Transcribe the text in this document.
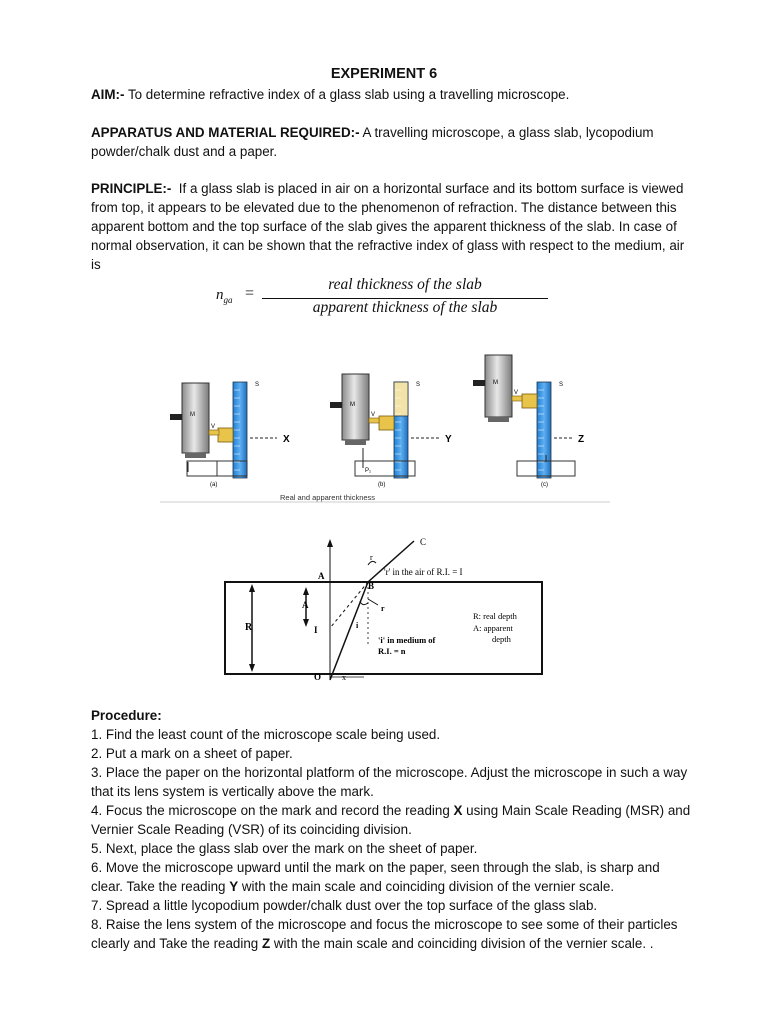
EXPERIMENT 6
AIM:- To determine refractive index of a glass slab using a travelling microscope.
APPARATUS AND MATERIAL REQUIRED:- A travelling microscope, a glass slab, lycopodium powder/chalk dust and a paper.
PRINCIPLE:-  If a glass slab is placed in air on a horizontal surface and its bottom surface is viewed from top, it appears to be elevated due to the phenomenon of refraction. The distance between this apparent bottom and the top surface of the slab gives the apparent thickness of the slab. In case of normal observation, it can be shown that the refractive index of glass with respect to the medium, air is
$n_{ga}$ =
real thickness of the slab
apparent thickness of the slab
M
S
V
X
(a)
M
S
V
Y
P₁
(b)
M	S
V
Z
(c)
Real and apparent thickness
C
r
'r' in the air of R.I. = I
A
B
r
i
I
R
A
O	x
'i' in medium of
R.I. = n
R: real depth
A: apparent
depth
Procedure:
1. Find the least count of the microscope scale being used.
2. Put a mark on a sheet of paper.
3. Place the paper on the horizontal platform of the microscope. Adjust the microscope in such a way that its lens system is vertically above the mark.
4. Focus the microscope on the mark and record the reading X using Main Scale Reading (MSR) and Vernier Scale Reading (VSR) of its coinciding division.
5. Next, place the glass slab over the mark on the sheet of paper.
6. Move the microscope upward until the mark on the paper, seen through the slab, is sharp and clear. Take the reading Y with the main scale and coinciding division of the vernier scale.
7. Spread a little lycopodium powder/chalk dust over the top surface of the glass slab.
8. Raise the lens system of the microscope and focus the microscope to see some of their particles clearly and Take the reading Z with the main scale and coinciding division of the vernier scale. .
